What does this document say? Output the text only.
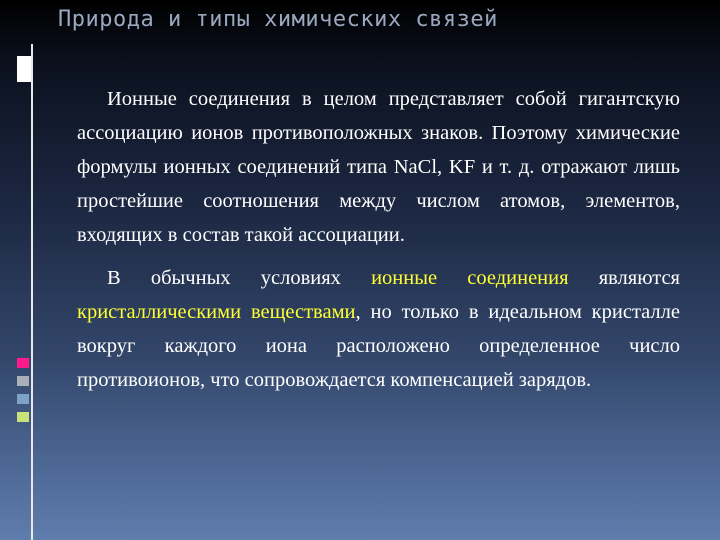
Природа и типы химических связей

Ионные соединения в целом представляет собой гигантскую ассоциацию ионов противоположных знаков. Поэтому химические формулы ионных соединений типа NaCl, KF и т. д. отражают лишь простейшие соотношения между числом атомов, элементов, входящих в состав такой ассоциации.

В обычных условиях ионные соединения являются кристаллическими веществами, но только в идеальном кристалле вокруг каждого иона расположено определенное число противоионов, что сопровождается компенсацией зарядов.
